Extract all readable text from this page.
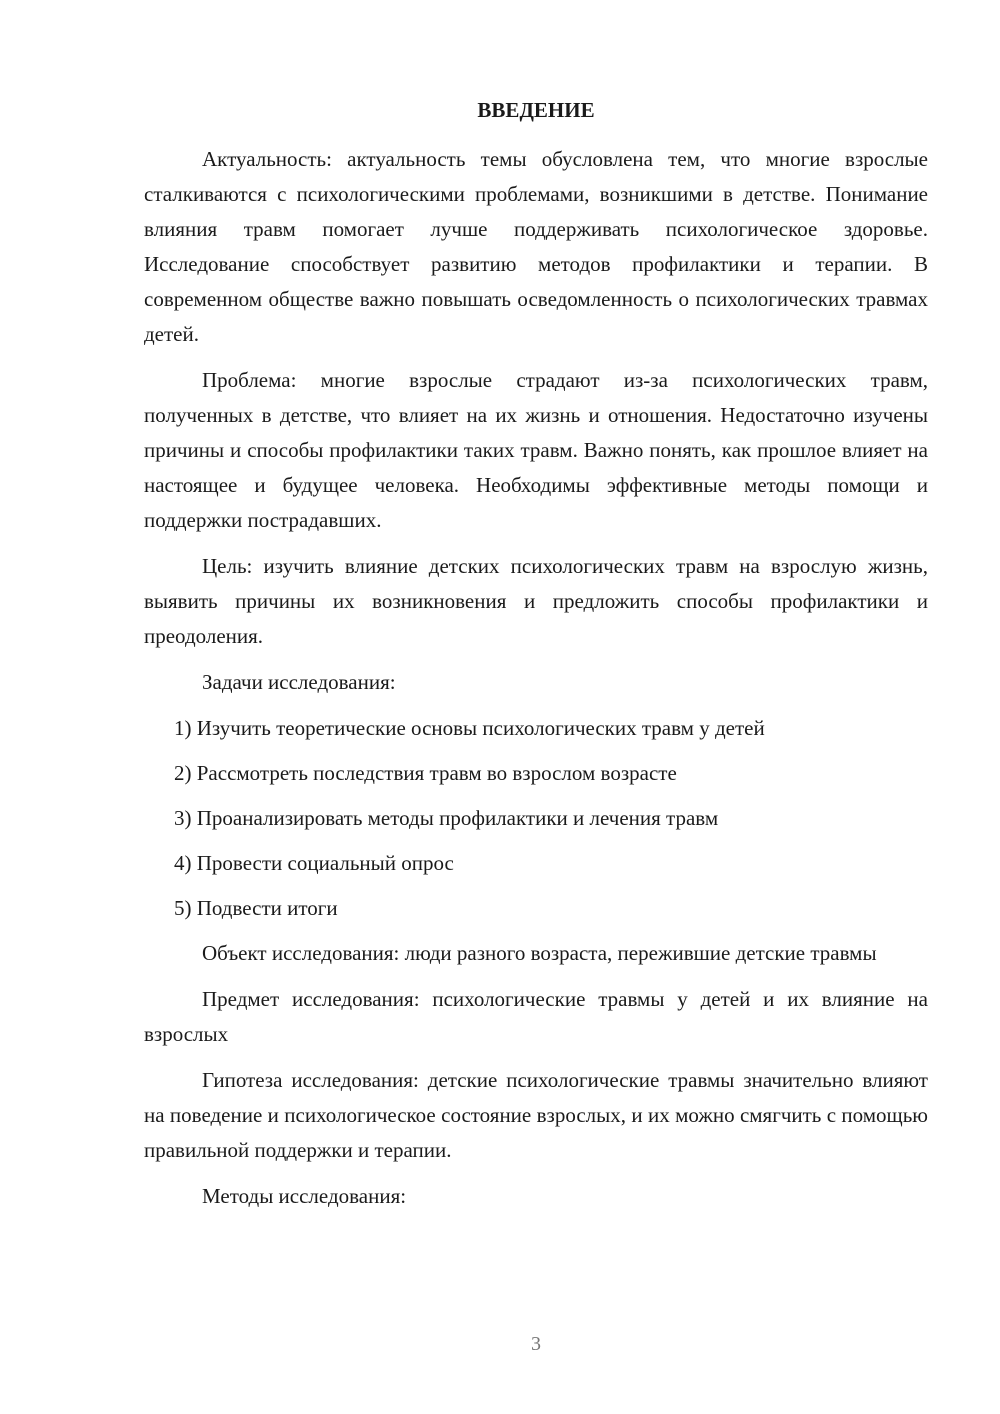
ВВЕДЕНИЕ

Актуальность: актуальность темы обусловлена тем, что многие взрослые сталкиваются с психологическими проблемами, возникшими в детстве. Понимание влияния травм помогает лучше поддерживать психологическое здоровье. Исследование способствует развитию методов профилактики и терапии. В современном обществе важно повышать осведомленность о психологических травмах детей.

Проблема: многие взрослые страдают из-за психологических травм, полученных в детстве, что влияет на их жизнь и отношения. Недостаточно изучены причины и способы профилактики таких травм. Важно понять, как прошлое влияет на настоящее и будущее человека. Необходимы эффективные методы помощи и поддержки пострадавших.

Цель: изучить влияние детских психологических травм на взрослую жизнь, выявить причины их возникновения и предложить способы профилактики и преодоления.

Задачи исследования:

1) Изучить теоретические основы психологических травм у детей

2) Рассмотреть последствия травм во взрослом возрасте

3) Проанализировать методы профилактики и лечения травм

4) Провести социальный опрос

5) Подвести итоги

Объект исследования: люди разного возраста, пережившие детские травмы

Предмет исследования: психологические травмы у детей и их влияние на взрослых

Гипотеза исследования: детские психологические травмы значительно влияют на поведение и психологическое состояние взрослых, и их можно смягчить с помощью правильной поддержки и терапии.

Методы исследования:

3
